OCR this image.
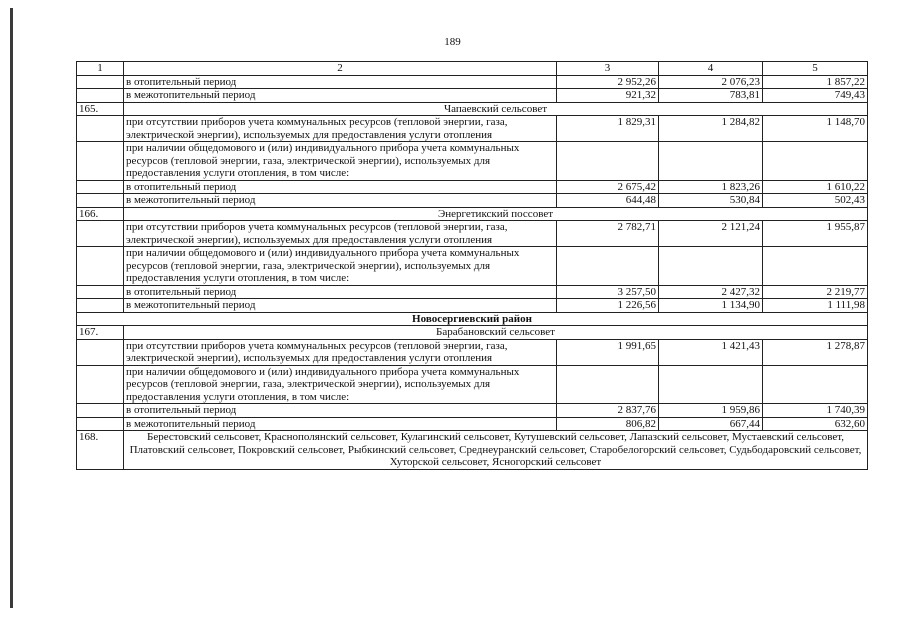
189
1	2	3	4	5
	в отопительный период	2 952,26	2 076,23	1 857,22
	в межотопительный период	921,32	783,81	749,43
165.	Чапаевский сельсовет			
	при отсутствии приборов учета коммунальных ресурсов (тепловой энергии, газа, электрической энергии), используемых для предоставления услуги отопления	1 829,31	1 284,82	1 148,70
	при наличии общедомового и (или) индивидуального прибора учета коммунальных ресурсов (тепловой энергии, газа, электрической энергии), используемых для предоставления услуги отопления, в том числе:			
	в отопительный период	2 675,42	1 823,26	1 610,22
	в межотопительный период	644,48	530,84	502,43
166.	Энергетикский поссовет			
	при отсутствии приборов учета коммунальных ресурсов (тепловой энергии, газа, электрической энергии), используемых для предоставления услуги отопления	2 782,71	2 121,24	1 955,87
	при наличии общедомового и (или) индивидуального прибора учета коммунальных ресурсов (тепловой энергии, газа, электрической энергии), используемых для предоставления услуги отопления, в том числе:			
	в отопительный период	3 257,50	2 427,32	2 219,77
	в межотопительный период	1 226,56	1 134,90	1 111,98
Новосергиевский район				
167.	Барабановский сельсовет			
	при отсутствии приборов учета коммунальных ресурсов (тепловой энергии, газа, электрической энергии), используемых для предоставления услуги отопления	1 991,65	1 421,43	1 278,87
	при наличии общедомового и (или) индивидуального прибора учета коммунальных ресурсов (тепловой энергии, газа, электрической энергии), используемых для предоставления услуги отопления, в том числе:			
	в отопительный период	2 837,76	1 959,86	1 740,39
	в межотопительный период	806,82	667,44	632,60
168.	Берестовский сельсовет, Краснополянский сельсовет, Кулагинский сельсовет, Кутушевский сельсовет, Лапазский сельсовет, Мустаевский сельсовет, Платовский сельсовет, Покровский сельсовет, Рыбкинский сельсовет, Среднеуранский сельсовет, Старобелогорский сельсовет, Судьбодаровский сельсовет, Хуторской сельсовет, Ясногорский сельсовет			
